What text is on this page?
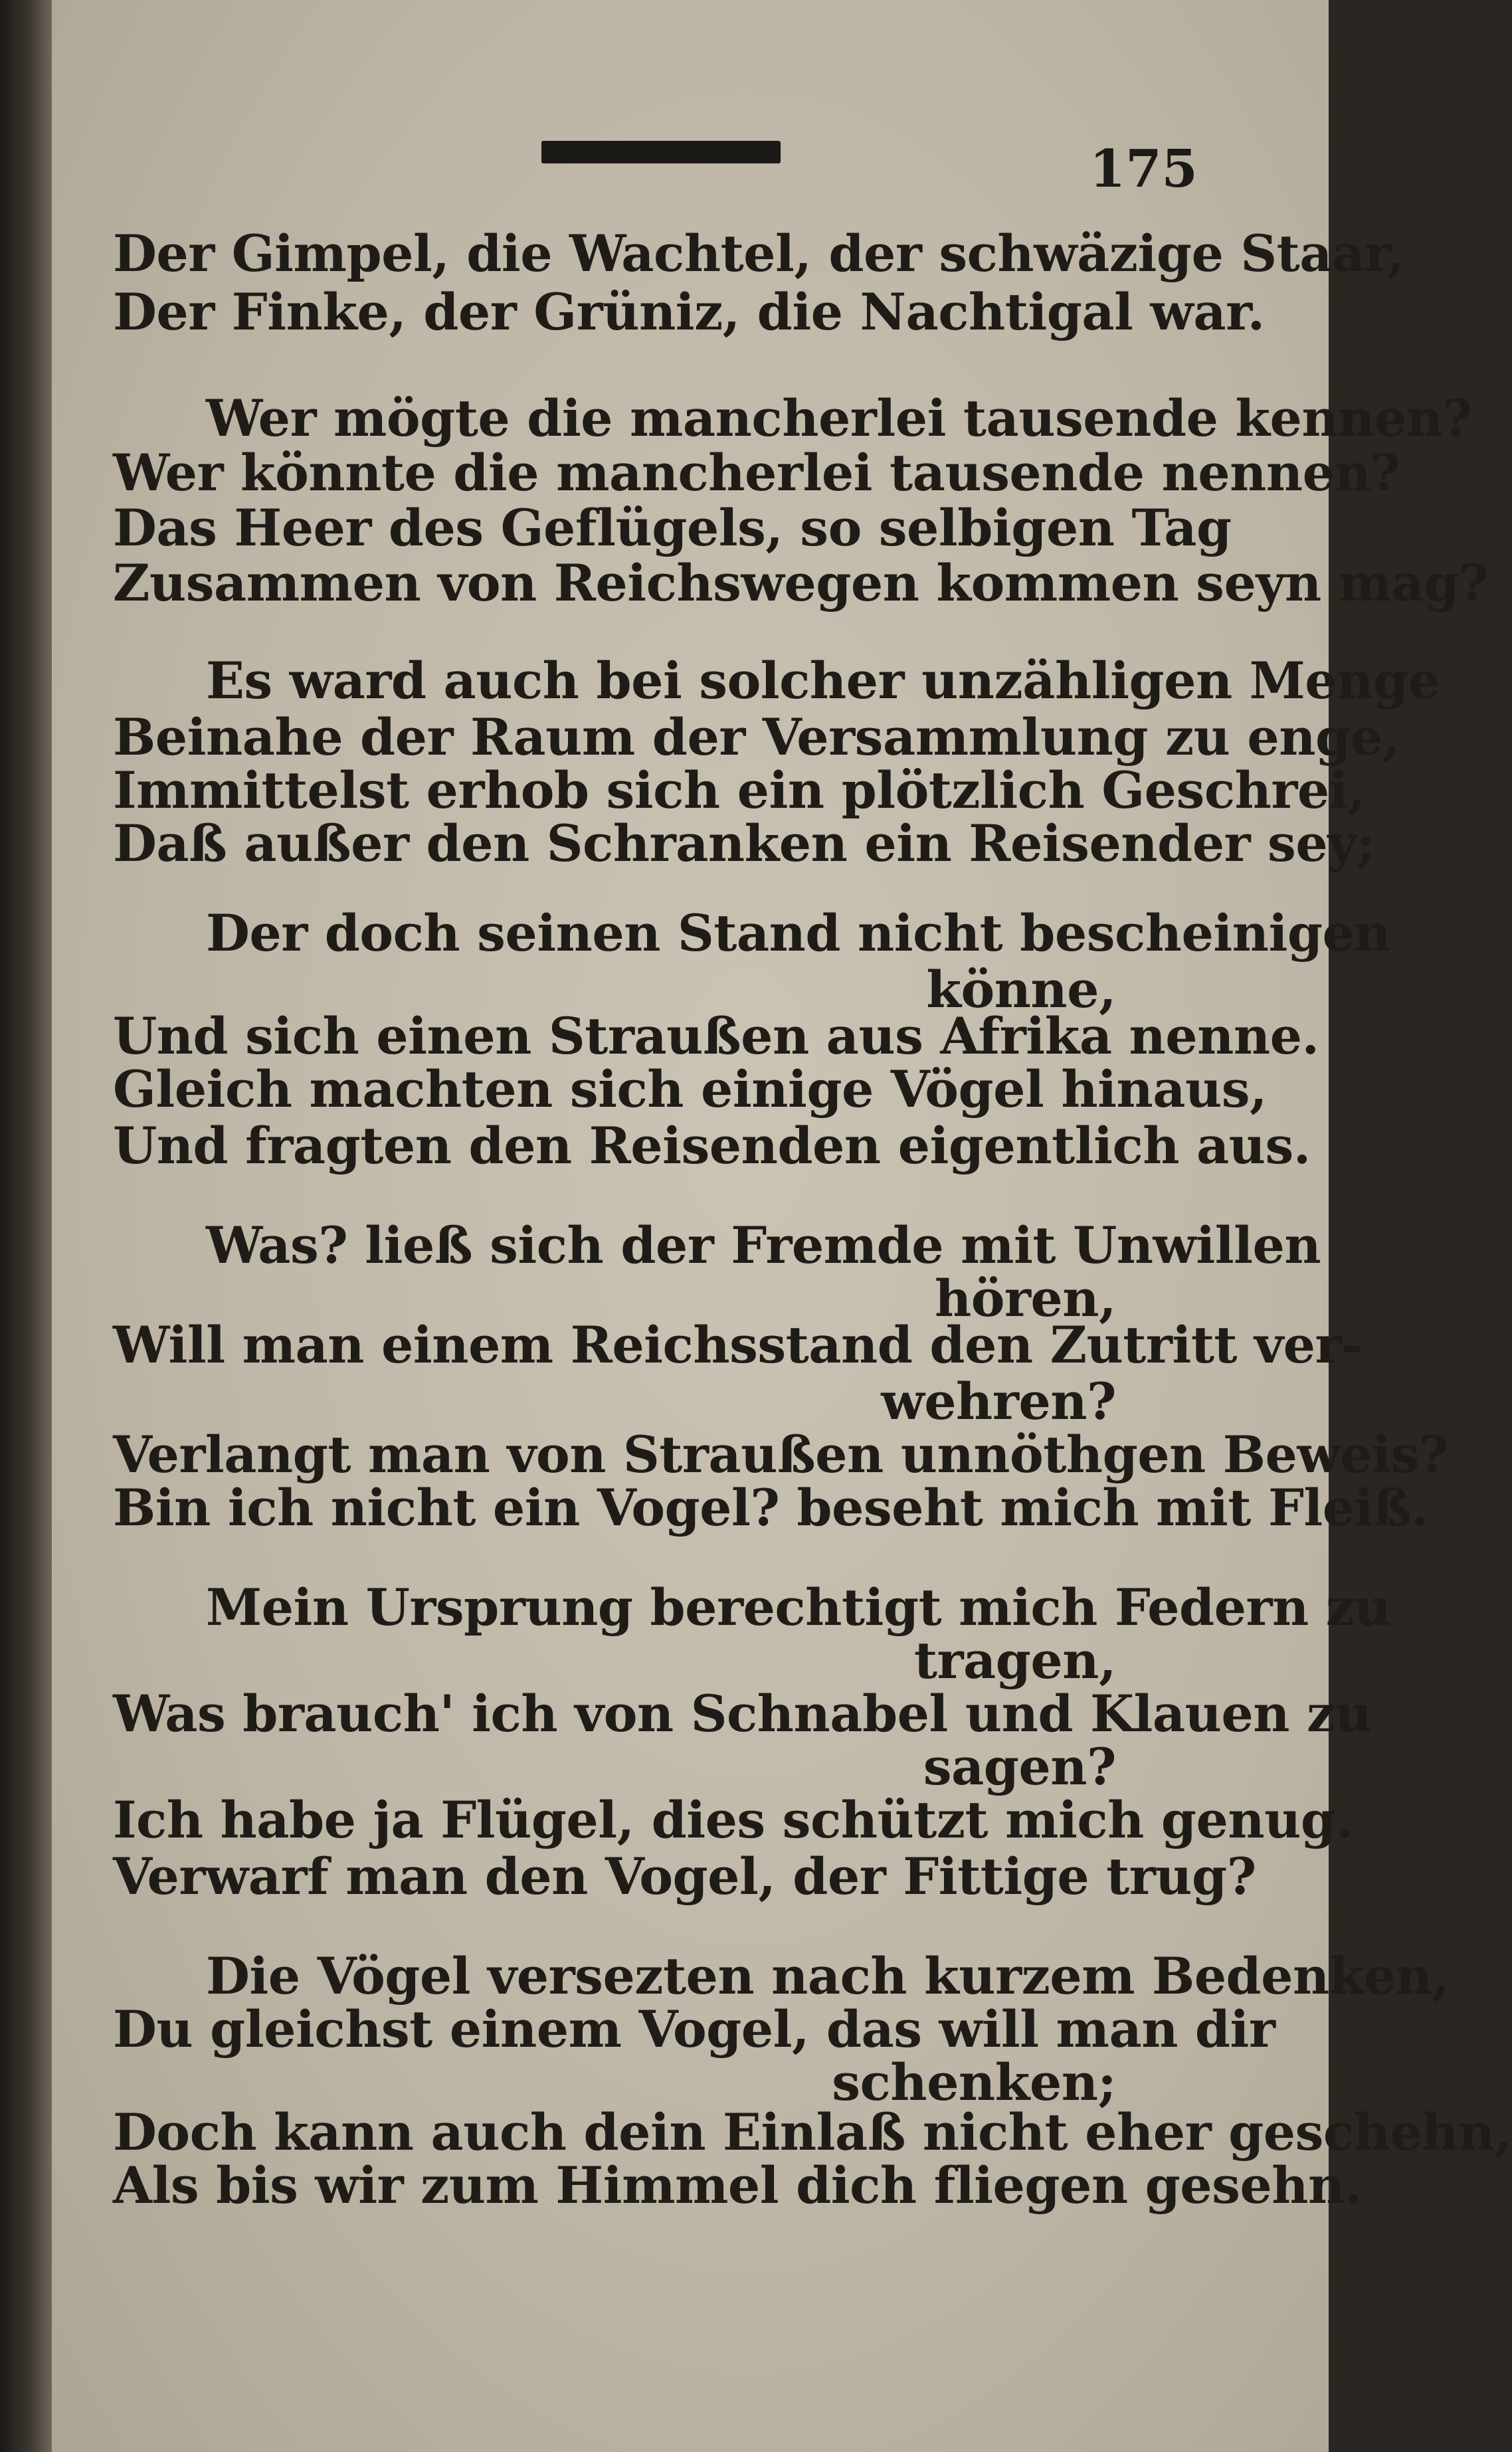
175
Der Gimpel, die Wachtel, der schwäzige Staar,
Der Finke, der Grüniz, die Nachtigal war.
Wer mögte die mancherlei tausende kennen?
Wer könnte die mancherlei tausende nennen?
Das Heer des Geflügels, so selbigen Tag
Zusammen von Reichswegen kommen seyn mag?
Es ward auch bei solcher unzähligen Menge
Beinahe der Raum der Versammlung zu enge,
Immittelst erhob sich ein plötzlich Geschrei,
Daß außer den Schranken ein Reisender sey;
Der doch seinen Stand nicht bescheinigen
könne,
Und sich einen Straußen aus Afrika nenne.
Gleich machten sich einige Vögel hinaus,
Und fragten den Reisenden eigentlich aus.
Was? ließ sich der Fremde mit Unwillen
hören,
Will man einem Reichsstand den Zutritt ver-
wehren?
Verlangt man von Straußen unnöthgen Beweis?
Bin ich nicht ein Vogel? beseht mich mit Fleiß.
Mein Ursprung berechtigt mich Federn zu
tragen,
Was brauch' ich von Schnabel und Klauen zu
sagen?
Ich habe ja Flügel, dies schützt mich genug.
Verwarf man den Vogel, der Fittige trug?
Die Vögel versezten nach kurzem Bedenken,
Du gleichst einem Vogel, das will man dir
schenken;
Doch kann auch dein Einlaß nicht eher geschehn,
Als bis wir zum Himmel dich fliegen gesehn.
